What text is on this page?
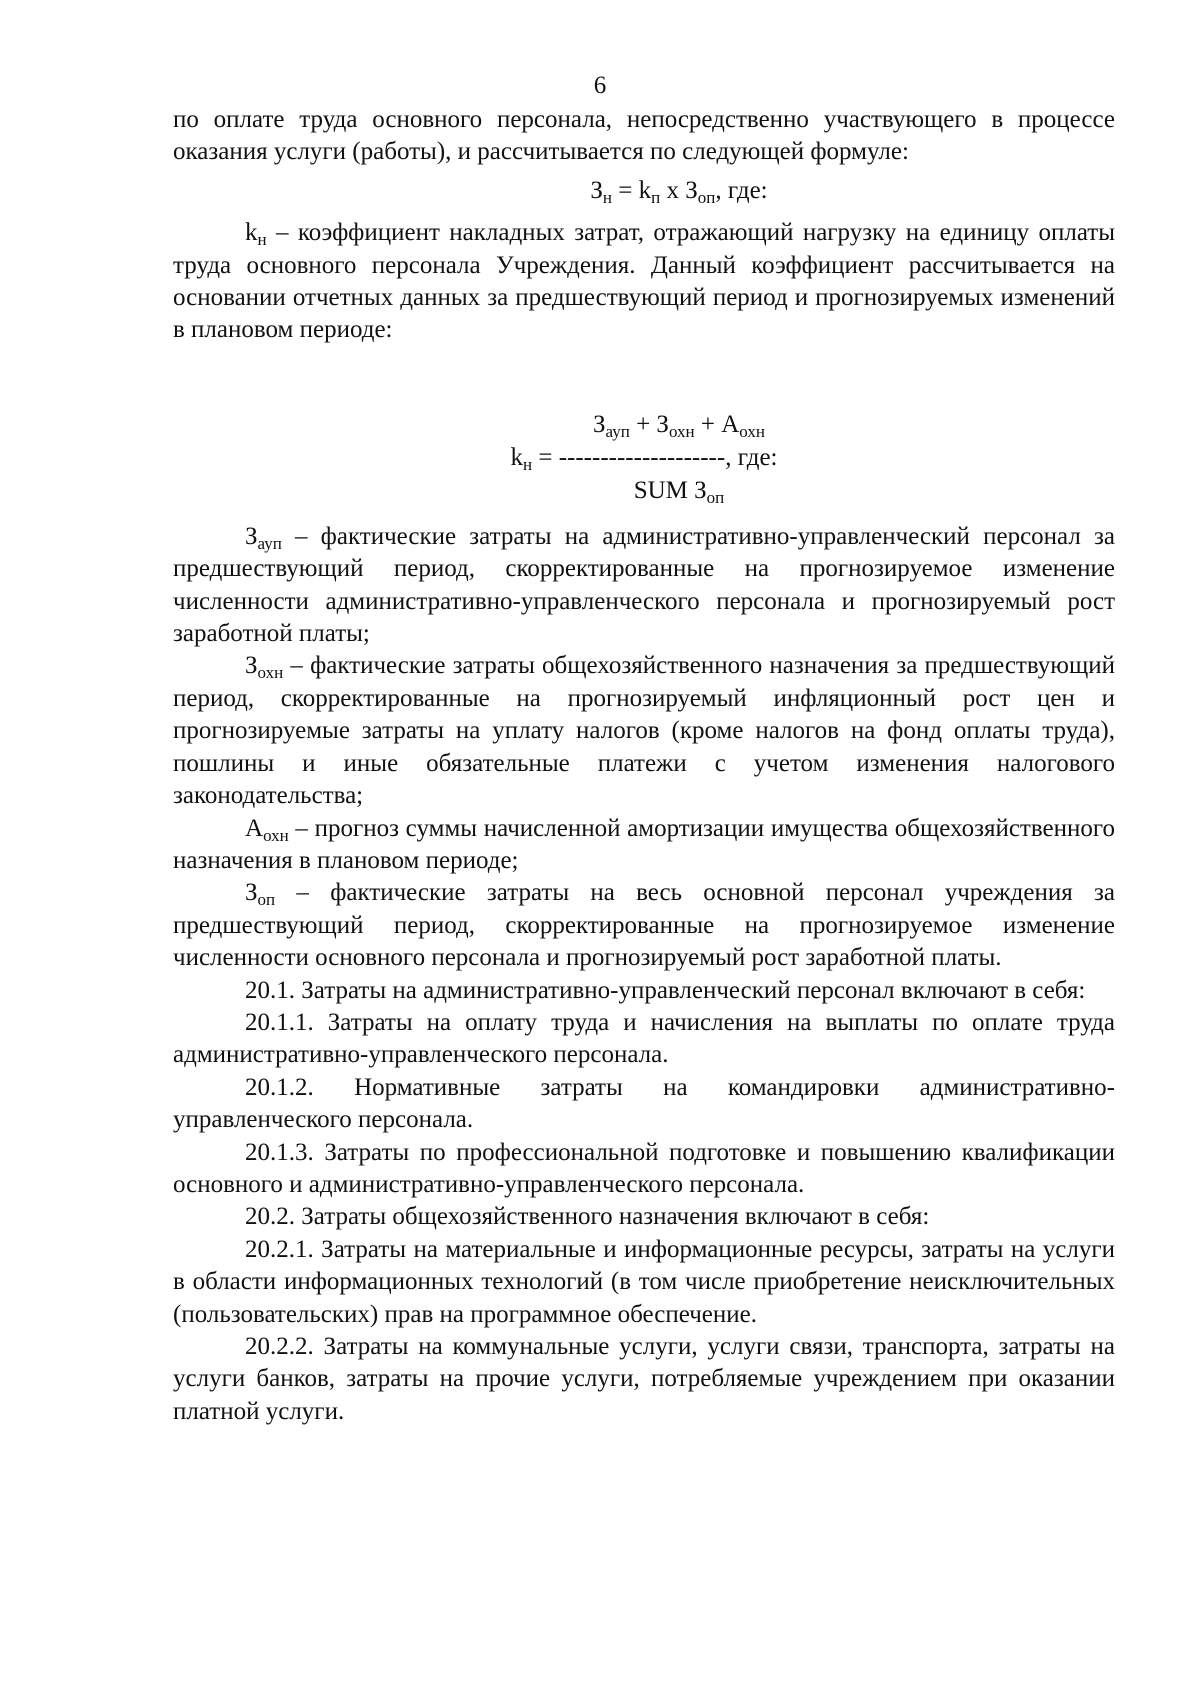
6

по оплате труда основного персонала, непосредственно участвующего в процессе оказания услуги (работы), и рассчитывается по следующей формуле:

$З_н = k_п$ х $З_{оп}$, где:

$k_н$ – коэффициент накладных затрат, отражающий нагрузку на единицу оплаты труда основного персонала Учреждения. Данный коэффициент рассчитывается на основании отчетных данных за предшествующий период и прогнозируемых изменений в плановом периоде:

$З_{ауп} + З_{охн} + А_{охн}$
$k_н$ = --------------------, где:
SUM $З_{оп}$

$З_{ауп}$ – фактические затраты на административно-управленческий персонал за предшествующий период, скорректированные на прогнозируемое изменение численности административно-управленческого персонала и прогнозируемый рост заработной платы;

$З_{охн}$ – фактические затраты общехозяйственного назначения за предшествующий период, скорректированные на прогнозируемый инфляционный рост цен и прогнозируемые затраты на уплату налогов (кроме налогов на фонд оплаты труда), пошлины и иные обязательные платежи с учетом изменения налогового законодательства;

$А_{охн}$ – прогноз суммы начисленной амортизации имущества общехозяйственного назначения в плановом периоде;

$З_{оп}$ – фактические затраты на весь основной персонал учреждения за предшествующий период, скорректированные на прогнозируемое изменение численности основного персонала и прогнозируемый рост заработной платы.

20.1. Затраты на административно-управленческий персонал включают в себя:

20.1.1. Затраты на оплату труда и начисления на выплаты по оплате труда административно-управленческого персонала.

20.1.2. Нормативные затраты на командировки административно-управленческого персонала.

20.1.3. Затраты по профессиональной подготовке и повышению квалификации основного и административно-управленческого персонала.

20.2. Затраты общехозяйственного назначения включают в себя:

20.2.1. Затраты на материальные и информационные ресурсы, затраты на услуги в области информационных технологий (в том числе приобретение неисключительных (пользовательских) прав на программное обеспечение.

20.2.2. Затраты на коммунальные услуги, услуги связи, транспорта, затраты на услуги банков, затраты на прочие услуги, потребляемые учреждением при оказании платной услуги.
